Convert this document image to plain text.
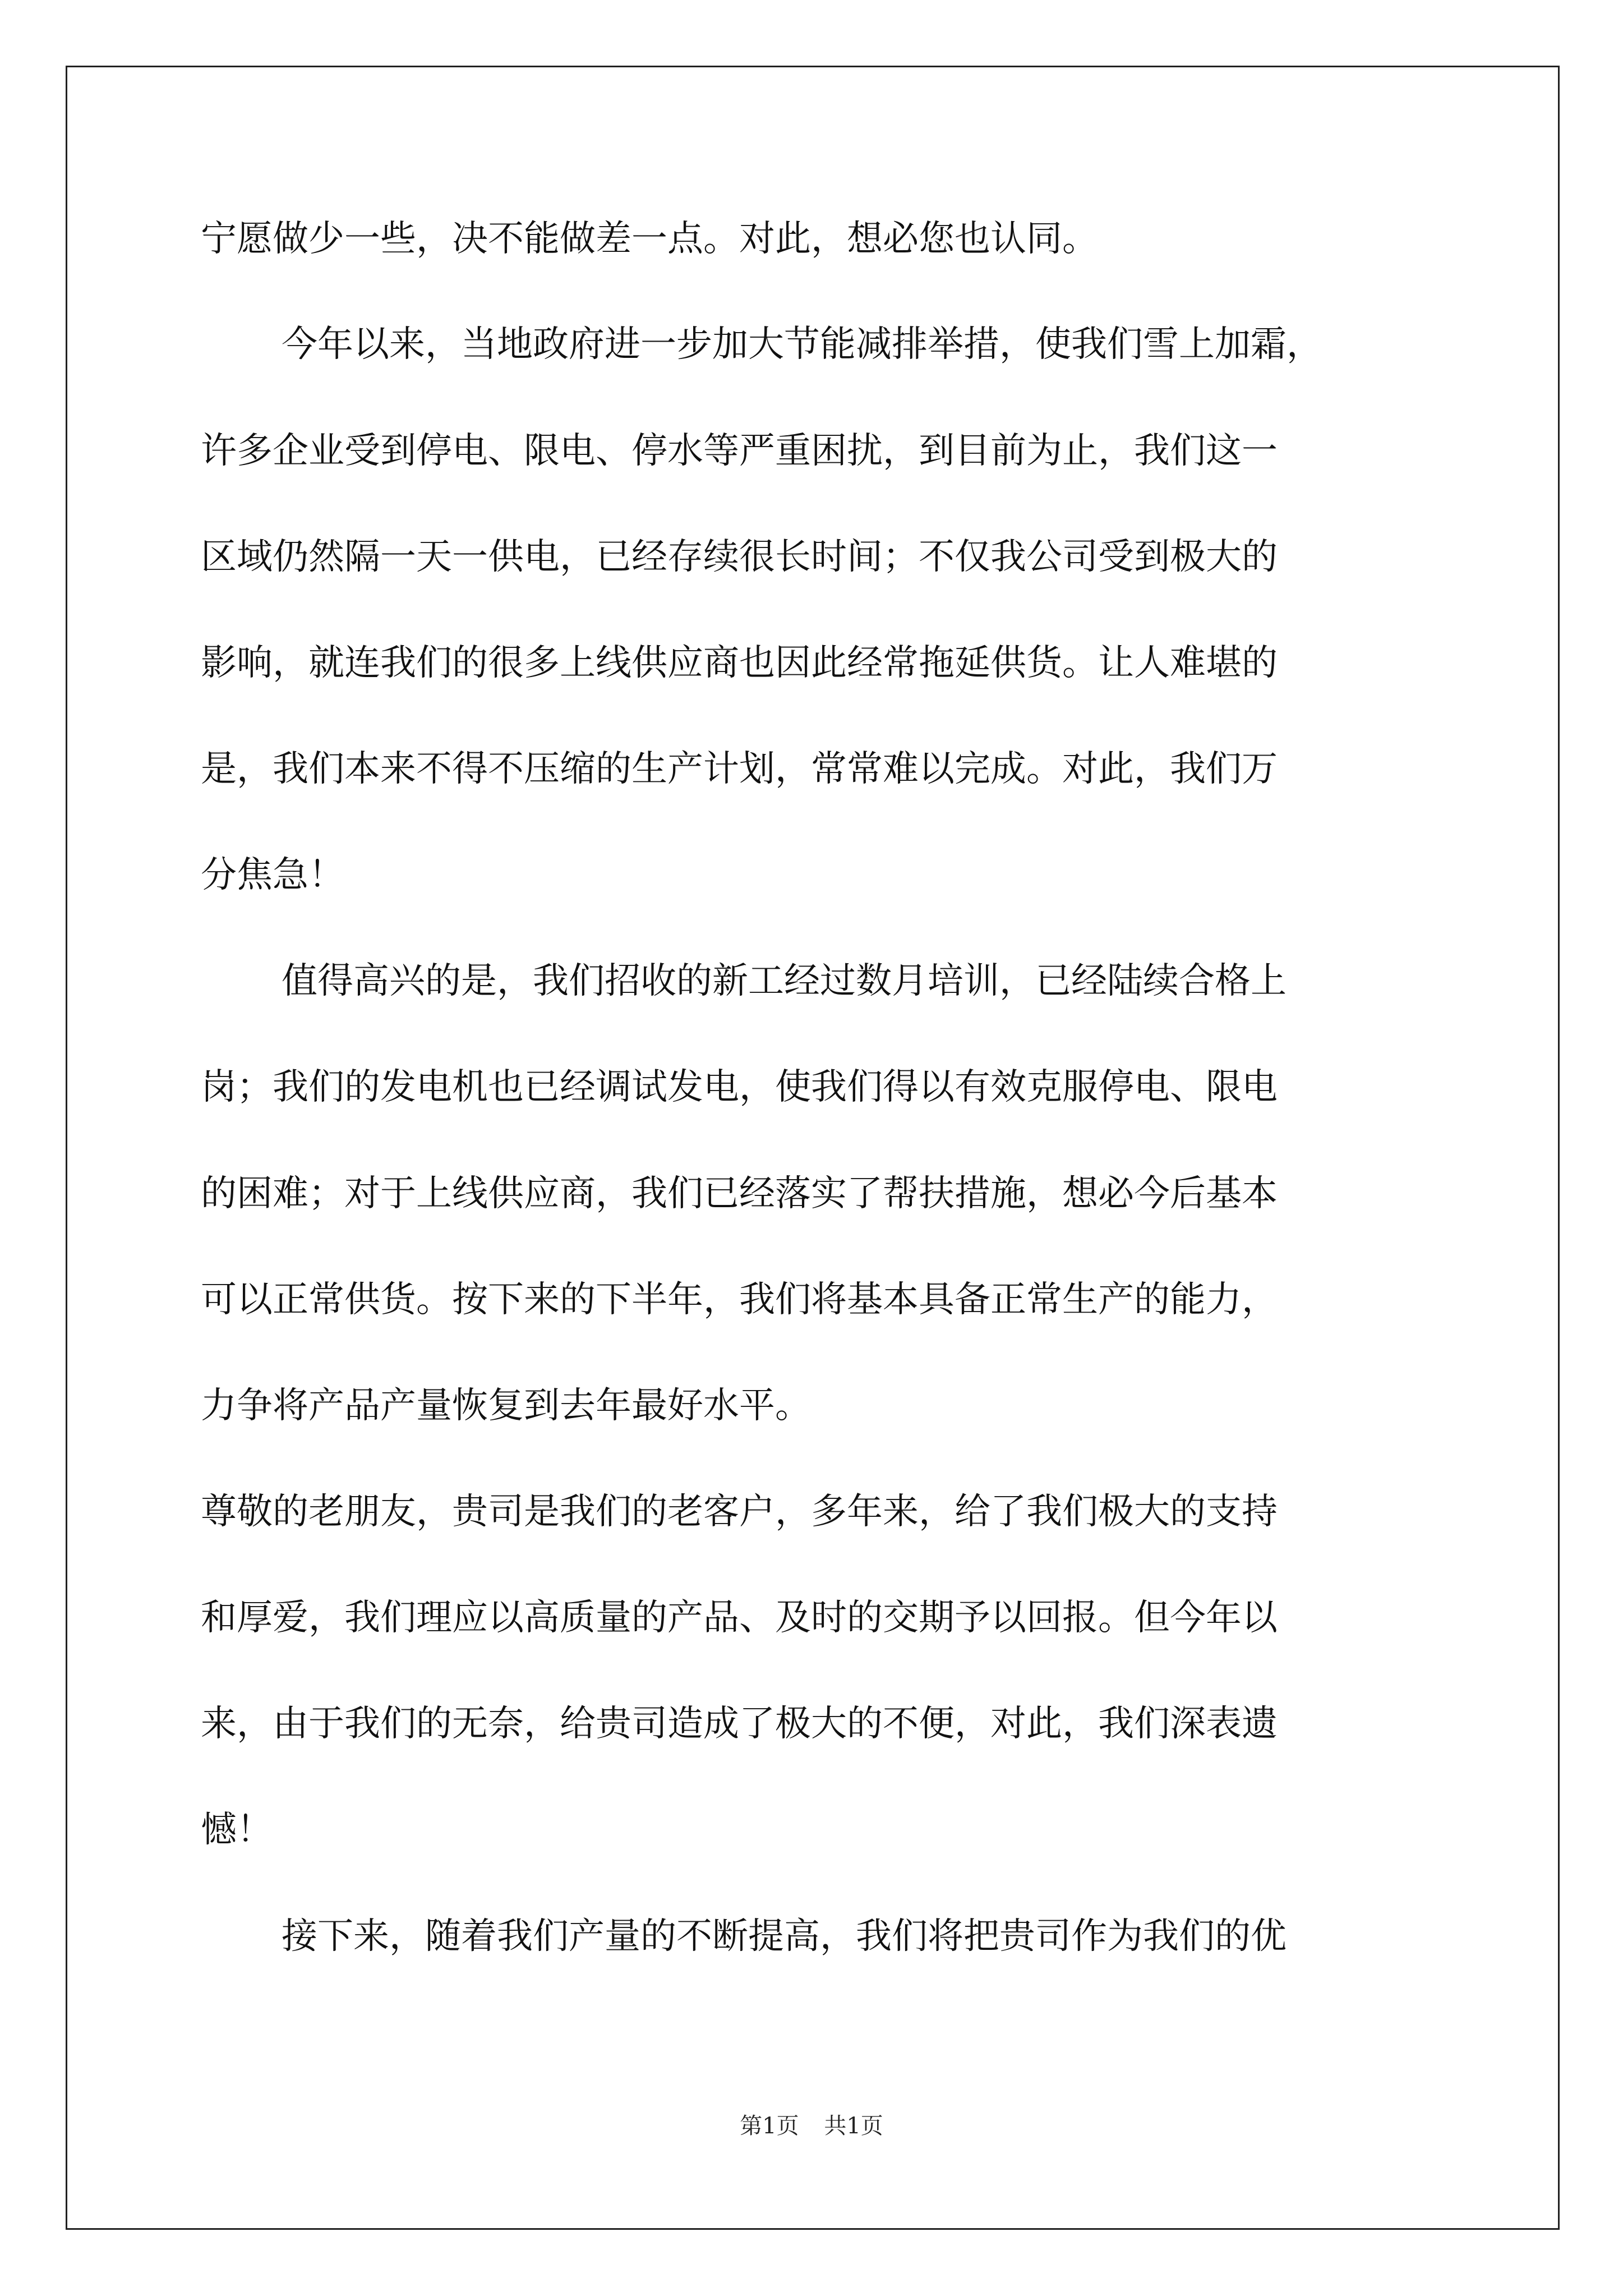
宁愿做少一些，决不能做差一点。对此，想必您也认同。
今年以来，当地政府进一步加大节能减排举措，使我们雪上加霜，
许多企业受到停电、限电、停水等严重困扰，到目前为止，我们这一
区域仍然隔一天一供电，已经存续很长时间；不仅我公司受到极大的
影响，就连我们的很多上线供应商也因此经常拖延供货。让人难堪的
是，我们本来不得不压缩的生产计划，常常难以完成。对此，我们万
分焦急！
值得高兴的是，我们招收的新工经过数月培训，已经陆续合格上
岗；我们的发电机也已经调试发电，使我们得以有效克服停电、限电
的困难；对于上线供应商，我们已经落实了帮扶措施，想必今后基本
可以正常供货。按下来的下半年，我们将基本具备正常生产的能力，
力争将产品产量恢复到去年最好水平。
尊敬的老朋友，贵司是我们的老客户，多年来，给了我们极大的支持
和厚爱，我们理应以高质量的产品、及时的交期予以回报。但今年以
来，由于我们的无奈，给贵司造成了极大的不便，对此，我们深表遗
憾！
接下来，随着我们产量的不断提高，我们将把贵司作为我们的优
第1页 共1页
